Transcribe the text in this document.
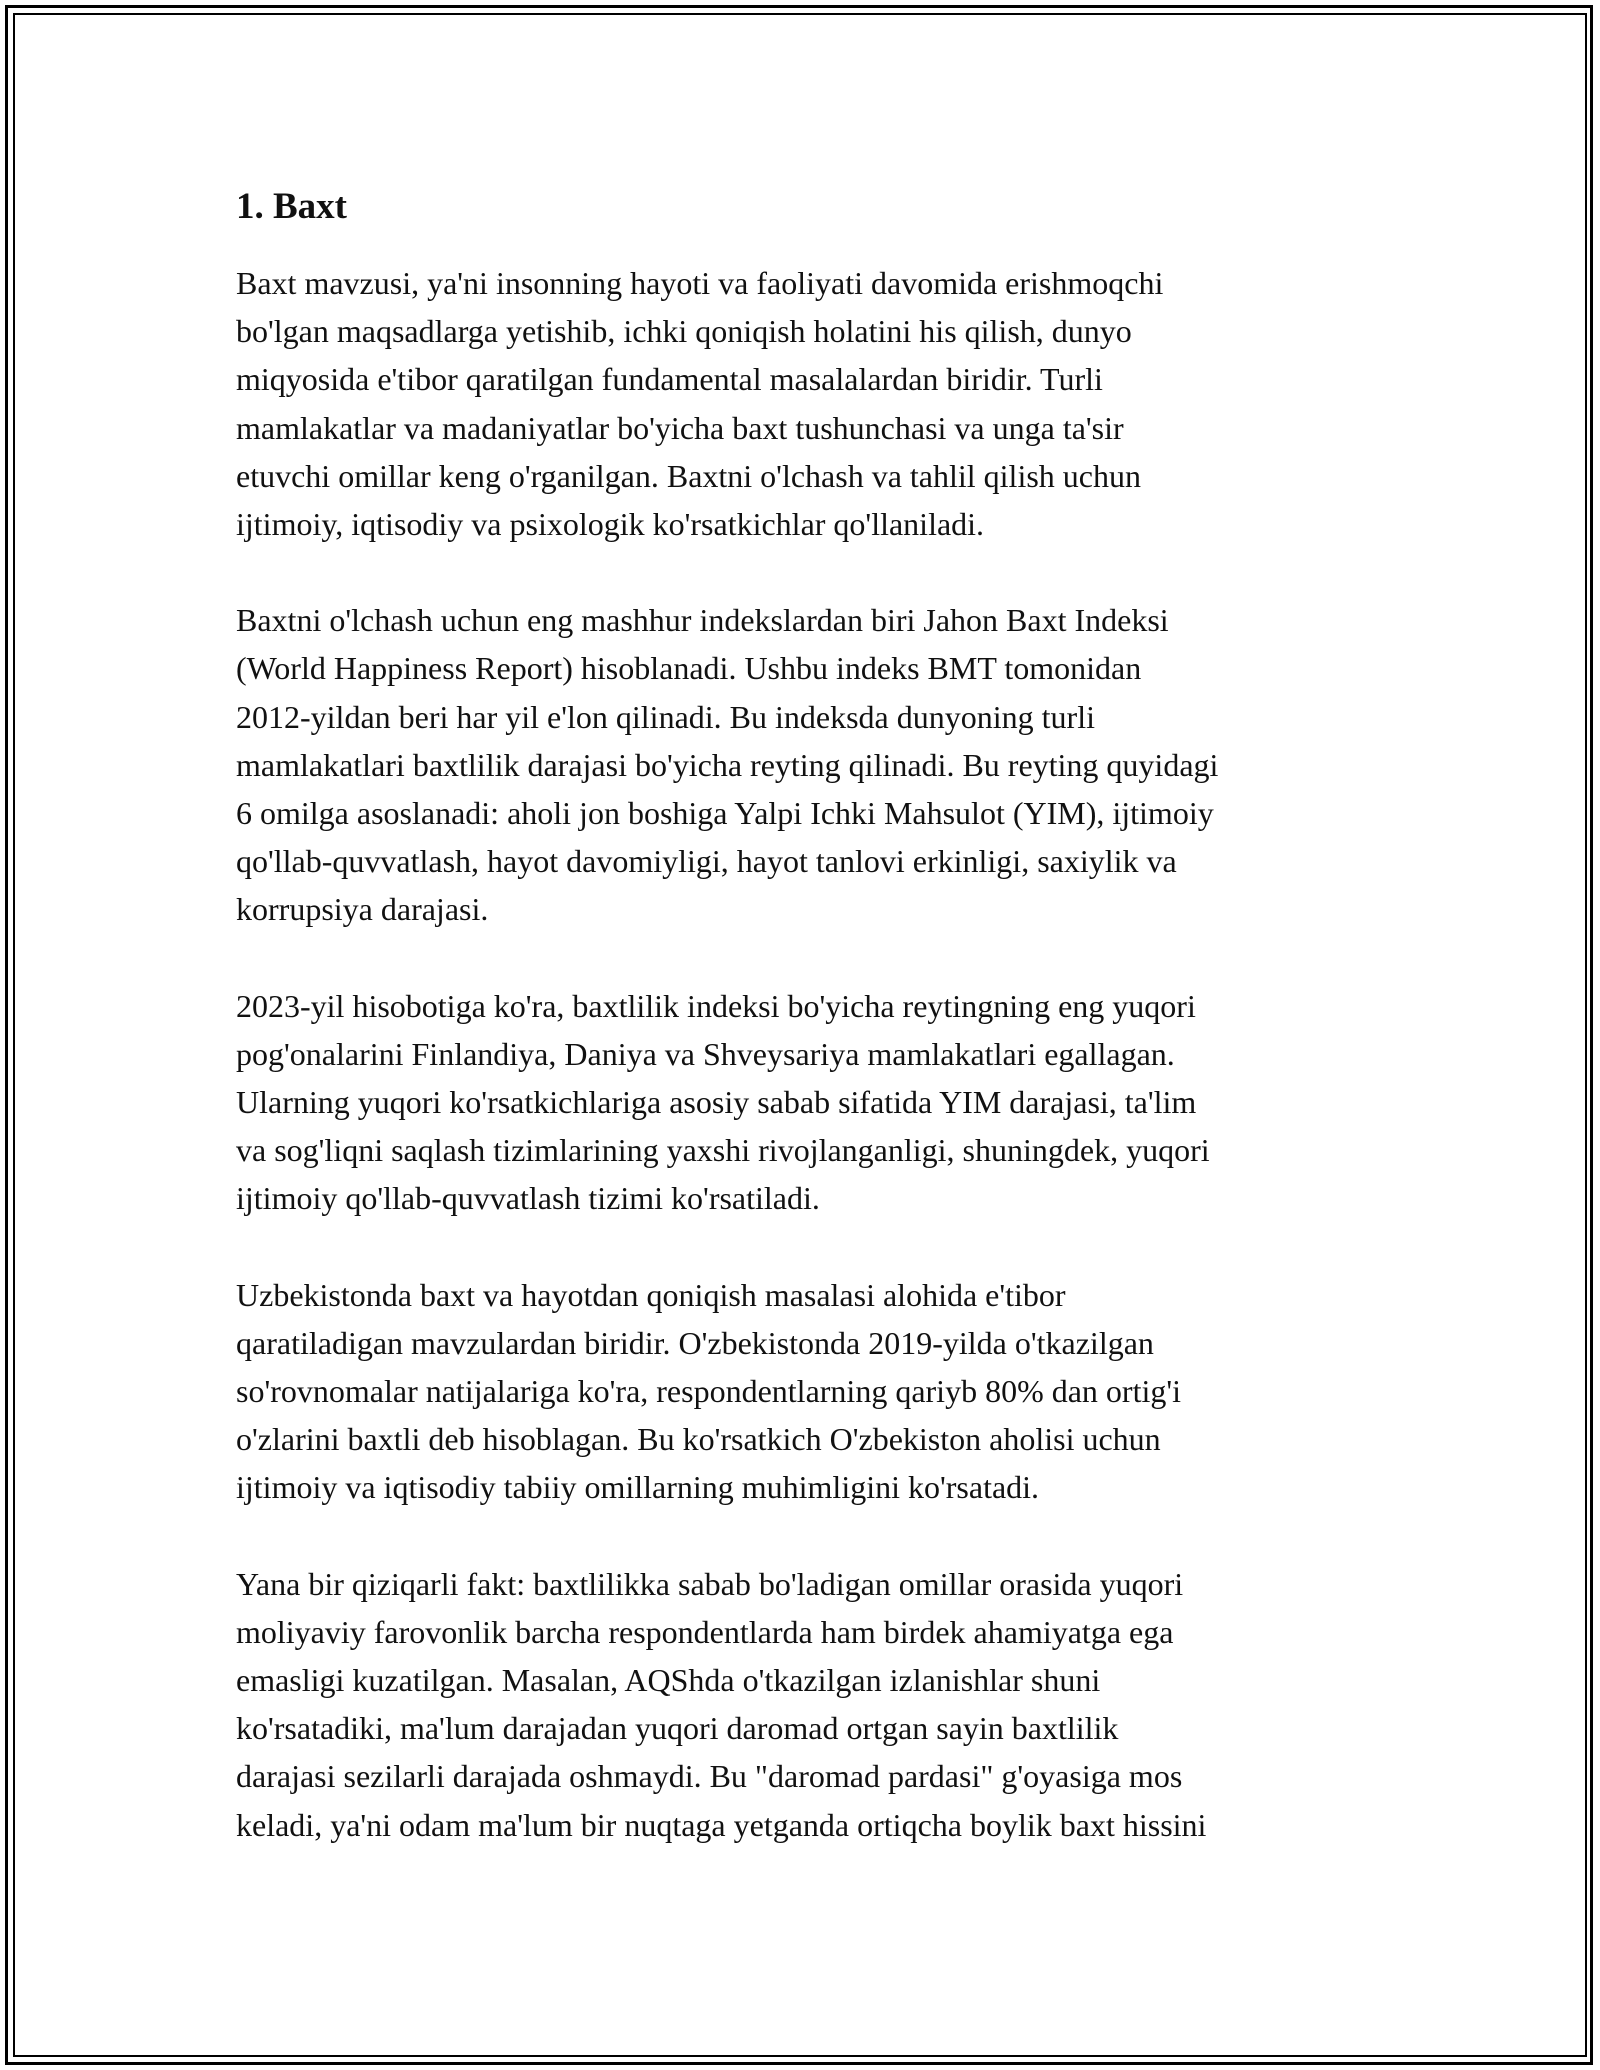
1. Baxt

Baxt mavzusi, ya'ni insonning hayoti va faoliyati davomida erishmoqchi
bo'lgan maqsadlarga yetishib, ichki qoniqish holatini his qilish, dunyo
miqyosida e'tibor qaratilgan fundamental masalalardan biridir. Turli
mamlakatlar va madaniyatlar bo'yicha baxt tushunchasi va unga ta'sir
etuvchi omillar keng o'rganilgan. Baxtni o'lchash va tahlil qilish uchun
ijtimoiy, iqtisodiy va psixologik ko'rsatkichlar qo'llaniladi.

Baxtni o'lchash uchun eng mashhur indekslardan biri Jahon Baxt Indeksi
(World Happiness Report) hisoblanadi. Ushbu indeks BMT tomonidan
2012-yildan beri har yil e'lon qilinadi. Bu indeksda dunyoning turli
mamlakatlari baxtlilik darajasi bo'yicha reyting qilinadi. Bu reyting quyidagi
6 omilga asoslanadi: aholi jon boshiga Yalpi Ichki Mahsulot (YIM), ijtimoiy
qo'llab-quvvatlash, hayot davomiyligi, hayot tanlovi erkinligi, saxiylik va
korrupsiya darajasi.

2023-yil hisobotiga ko'ra, baxtlilik indeksi bo'yicha reytingning eng yuqori
pog'onalarini Finlandiya, Daniya va Shveysariya mamlakatlari egallagan.
Ularning yuqori ko'rsatkichlariga asosiy sabab sifatida YIM darajasi, ta'lim
va sog'liqni saqlash tizimlarining yaxshi rivojlanganligi, shuningdek, yuqori
ijtimoiy qo'llab-quvvatlash tizimi ko'rsatiladi.

Uzbekistonda baxt va hayotdan qoniqish masalasi alohida e'tibor
qaratiladigan mavzulardan biridir. O'zbekistonda 2019-yilda o'tkazilgan
so'rovnomalar natijalariga ko'ra, respondentlarning qariyb 80% dan ortig'i
o'zlarini baxtli deb hisoblagan. Bu ko'rsatkich O'zbekiston aholisi uchun
ijtimoiy va iqtisodiy tabiiy omillarning muhimligini ko'rsatadi.

Yana bir qiziqarli fakt: baxtlilikka sabab bo'ladigan omillar orasida yuqori
moliyaviy farovonlik barcha respondentlarda ham birdek ahamiyatga ega
emasligi kuzatilgan. Masalan, AQShda o'tkazilgan izlanishlar shuni
ko'rsatadiki, ma'lum darajadan yuqori daromad ortgan sayin baxtlilik
darajasi sezilarli darajada oshmaydi. Bu "daromad pardasi" g'oyasiga mos
keladi, ya'ni odam ma'lum bir nuqtaga yetganda ortiqcha boylik baxt hissini
